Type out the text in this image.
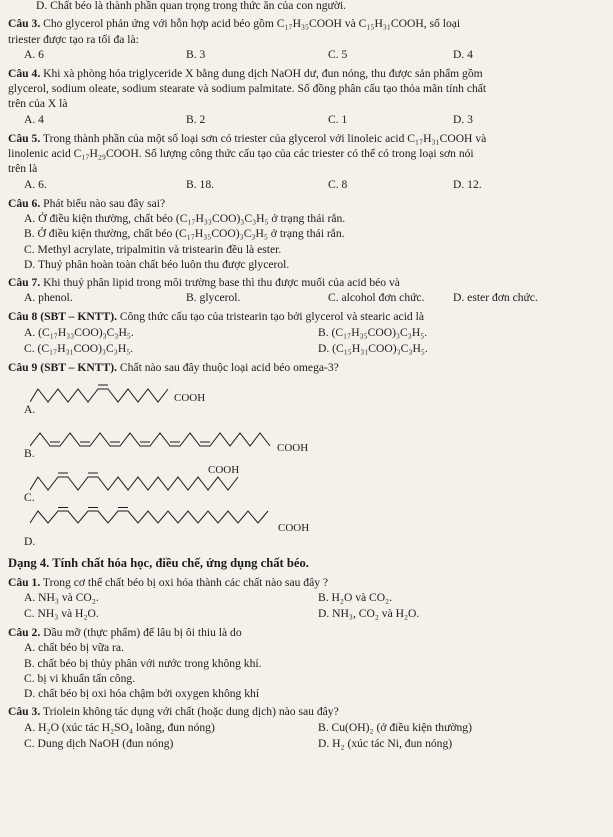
D. Chất béo là thành phần quan trọng trong thức ăn của con người.

Câu 3. Cho glycerol phản ứng với hỗn hợp acid béo gồm C₁₇H₃₅COOH và C₁₅H₃₁COOH, số loại

triester được tạo ra tối đa là:

A. 6	B. 3	C. 5	D. 4

Câu 4. Khi xà phòng hóa triglyceride X bằng dung dịch NaOH dư, đun nóng, thu được sản phẩm gồm

glycerol, sodium oleate, sodium stearate và sodium palmitate. Số đồng phân cấu tạo thỏa mãn tính chất

trên của X là

A. 4	B. 2	C. 1	D. 3

Câu 5. Trong thành phần của một số loại sơn có triester của glycerol với linoleic acid C₁₇H₃₁COOH và

linolenic acid C₁₇H₂₉COOH. Số lượng công thức cấu tạo của các triester có thể có trong loại sơn nói

trên là

A. 6.	B. 18.	C. 8	D. 12.

Câu 6. Phát biểu nào sau đây sai?

A. Ở điều kiện thường, chất béo (C₁₇H₃₃COO)₃C₃H₅ ở trạng thái rắn.

B. Ở điều kiện thường, chất béo (C₁₇H₃₅COO)₃C₃H₅ ở trạng thái rắn.

C. Methyl acrylate, tripalmitin và tristearin đều là ester.

D. Thuỷ phân hoàn toàn chất béo luôn thu được glycerol.

Câu 7. Khi thuỷ phân lipid trong môi trường base thì thu được muối của acid béo và

A. phenol.	B. glycerol.	C. alcohol đơn chức. D. ester đơn chức.

Câu 8 (SBT – KNTT). Công thức cấu tạo của tristearin tạo bởi glycerol và stearic acid là

A. (C₁₇H₃₃COO)₃C₃H₅.	B. (C₁₇H₃₅COO)₃C₃H₅.
C. (C₁₇H₃₁COO)₃C₃H₅.	D. (C₁₅H₃₁COO)₃C₃H₅.

Câu 9 (SBT – KNTT). Chất nào sau đây thuộc loại acid béo omega-3?

A.
COOH
B.	COOH
C.
COOH
D.
COOH

Dạng 4. Tính chất hóa học, điều chế, ứng dụng chất béo.

Câu 1. Trong cơ thể chất béo bị oxi hóa thành các chất nào sau đây ?

A. NH₃ và CO₂.	B. H₂O và CO₂.
C. NH₃ và H₂O.	D. NH₃, CO₂ và H₂O.

Câu 2. Dầu mỡ (thực phẩm) để lâu bị ôi thiu là do

A. chất béo bị vữa ra.

B. chất béo bị thủy phân với nước trong không khí.

C. bị vi khuẩn tấn công.

D. chất béo bị oxi hóa chậm bởi oxygen không khí

Câu 3. Triolein không tác dụng với chất (hoặc dung dịch) nào sau đây?

A. H₂O (xúc tác H₂SO₄ loãng, đun nóng)	B. Cu(OH)₂ (ở điều kiện thường)
C. Dung dịch NaOH (đun nóng)	D. H₂ (xúc tác Ni, đun nóng)
